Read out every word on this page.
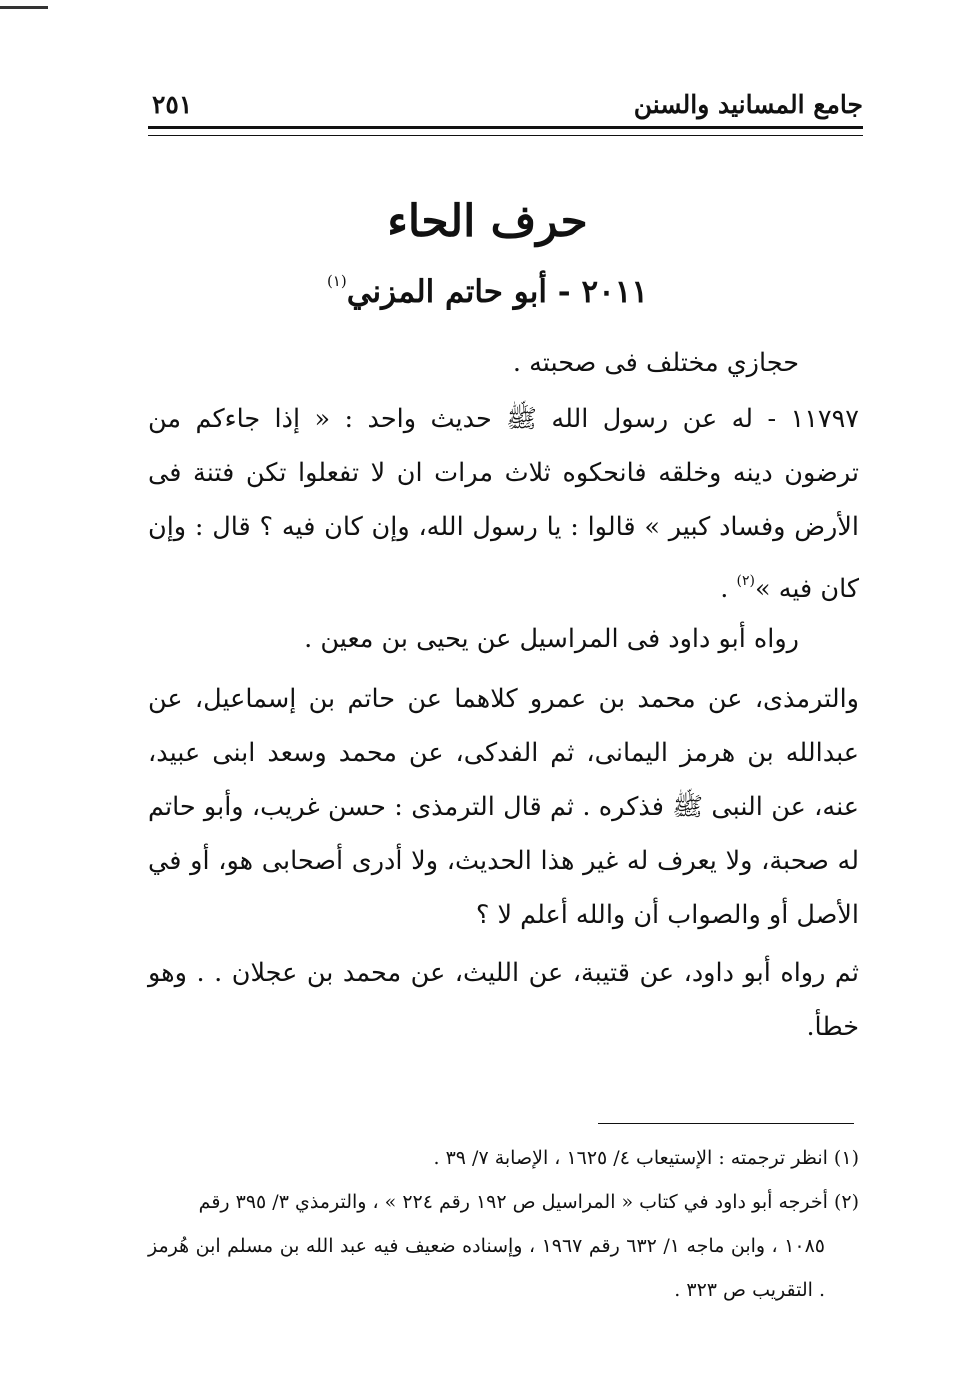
جامع المسانيد والسنن
٢٥١
حرف الحاء
٢٠١١ - أبو حاتم المزني$^{(١)}$
حجازي مختلف فى صحبته .
١١٧٩٧ - له عن رسول الله ﷺ حديث واحد : « إذا جاءكم من ترضون دينه وخلقه فانحكوه ثلاث مرات ان لا تفعلوا تكن فتنة فى الأرض وفساد كبير » قالوا : يا رسول الله، وإن كان فيه ؟ قال : وإن كان فيه »$^{(٢)}$ .
رواه أبو داود فى المراسيل عن يحيى بن معين .
والترمذى، عن محمد بن عمرو كلاهما عن حاتم بن إسماعيل، عن عبدالله بن هرمز اليمانى، ثم الفدكى، عن محمد وسعد ابنى عبيد، عنه، عن النبى ﷺ فذكره . ثم قال الترمذى : حسن غريب، وأبو حاتم له صحبة، ولا يعرف له غير هذا الحديث، ولا أدرى أصحابى هو، أو في الأصل أو والصواب أن والله أعلم لا ؟
ثم رواه أبو داود، عن قتيبة، عن الليث، عن محمد بن عجلان . . وهو خطأ.
(١) انظر ترجمته : الإستيعاب ٤/ ١٦٢٥ ، الإصابة ٧/ ٣٩ .
(٢) أخرجه أبو داود في كتاب « المراسيل ص ١٩٢ رقم ٢٢٤ » ، والترمذي ٣/ ٣٩٥ رقم
١٠٨٥ ، وابن ماجه ١/ ٦٣٢ رقم ١٩٦٧ ، وإسناده ضعيف فيه عبد الله بن مسلم ابن هُرمز . التقريب ص ٣٢٣ .
